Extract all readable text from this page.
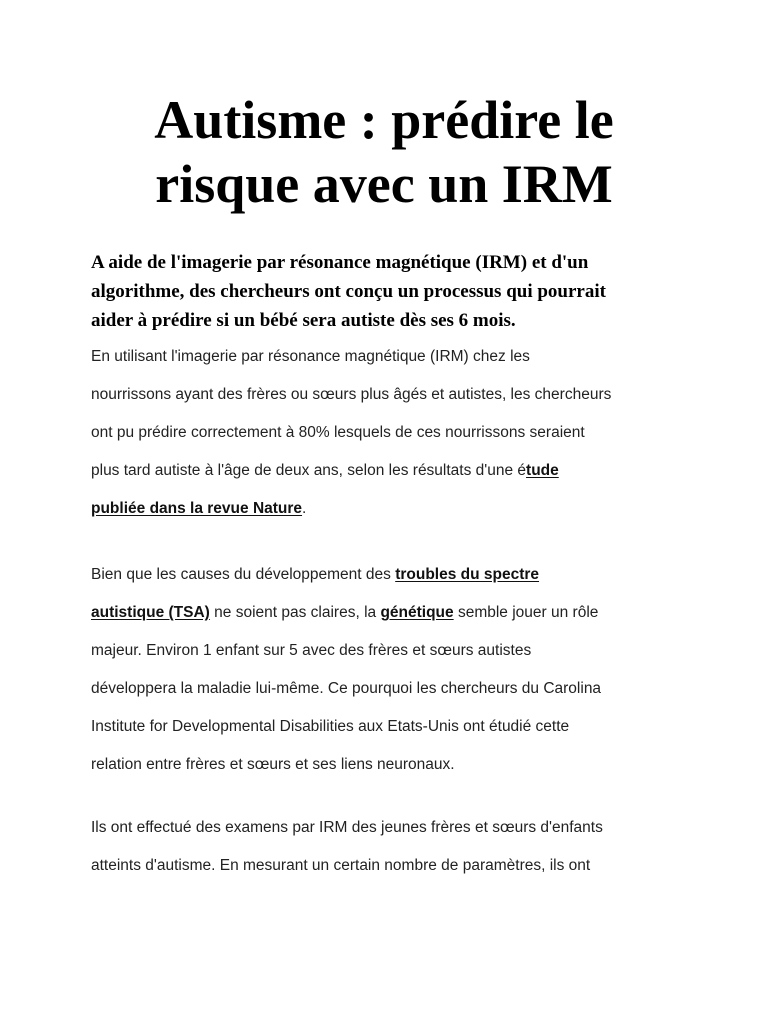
Autisme : prédire le
risque avec un IRM

A aide de l'imagerie par résonance magnétique (IRM) et d'un
algorithme, des chercheurs ont conçu un processus qui pourrait
aider à prédire si un bébé sera autiste dès ses 6 mois.

En utilisant l'imagerie par résonance magnétique (IRM) chez les
nourrissons ayant des frères ou sœurs plus âgés et autistes, les chercheurs
ont pu prédire correctement à 80% lesquels de ces nourrissons seraient
plus tard autiste à l'âge de deux ans, selon les résultats d'une étude
publiée dans la revue Nature.

Bien que les causes du développement des troubles du spectre
autistique (TSA) ne soient pas claires, la génétique semble jouer un rôle
majeur. Environ 1 enfant sur 5 avec des frères et sœurs autistes
développera la maladie lui-même. Ce pourquoi les chercheurs du Carolina
Institute for Developmental Disabilities aux Etats-Unis ont étudié cette
relation entre frères et sœurs et ses liens neuronaux.

Ils ont effectué des examens par IRM des jeunes frères et sœurs d'enfants
atteints d'autisme. En mesurant un certain nombre de paramètres, ils ont
